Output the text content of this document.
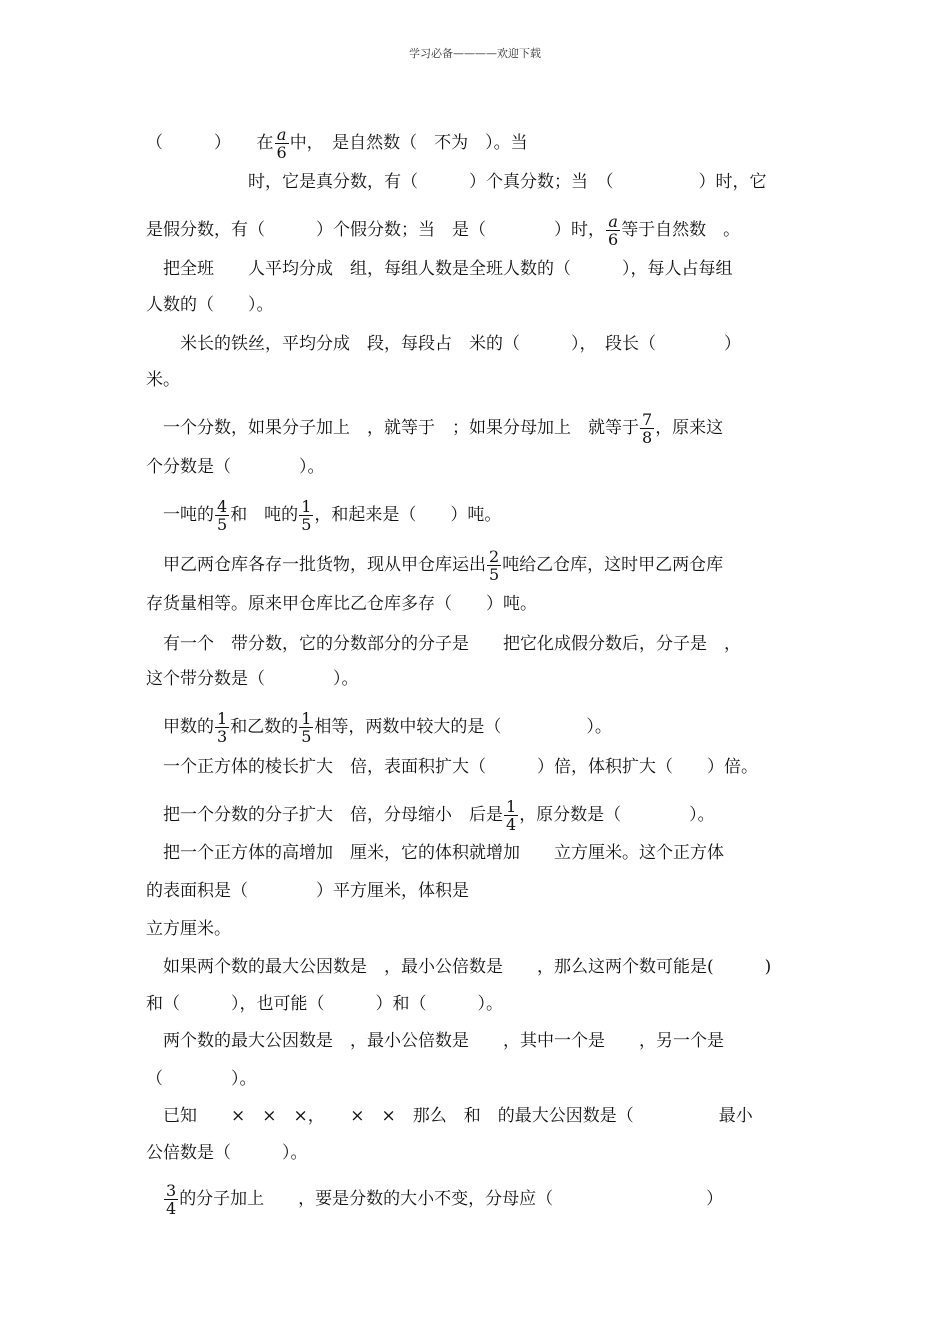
学习必备————欢迎下载
（　　　）　　在 $\frac{a}{6}$ 中，　是自然数（　不为　）。当
　　　　　　时，它是真分数，有（　　　）个真分数；当　（　　　　　）时，它
是假分数，有（　　　）个假分数；当　是（　　　　）时， $\frac{a}{6}$ 等于自然数　。
　把全班　　人平均分成　组，每组人数是全班人数的（　　　），每人占每组
人数的（　　）。
　　米长的铁丝，平均分成　段，每段占　米的（　　　），　段长（　　　　）
米。
　一个分数，如果分子加上　，就等于　；如果分母加上　就等于 $\frac{7}{8}$ ，原来这
个分数是（　　　　）。
　一吨的 $\frac{4}{5}$ 和　吨的 $\frac{1}{5}$ ，和起来是（　　）吨。
　甲乙两仓库各存一批货物，现从甲仓库运出 $\frac{2}{5}$ 吨给乙仓库，这时甲乙两仓库
存货量相等。原来甲仓库比乙仓库多存（　　）吨。
　有一个　带分数，它的分数部分的分子是　　把它化成假分数后，分子是　，
这个带分数是（　　　　）。
　甲数的 $\frac{1}{3}$ 和乙数的 $\frac{1}{5}$ 相等，两数中较大的是（　　　　　）。
　一个正方体的棱长扩大　倍，表面积扩大（　　　）倍，体积扩大（　　）倍。
　把一个分数的分子扩大　倍，分母缩小　后是 $\frac{1}{4}$ ，原分数是（　　　　）。
　把一个正方体的高增加　厘米，它的体积就增加　　立方厘米。这个正方体
的表面积是（　　　　）平方厘米，体积是
立方厘米。
　如果两个数的最大公因数是　，最小公倍数是　　，那么这两个数可能是(　　　)
和（　　　），也可能（　　　）和（　　　）。
　两个数的最大公因数是　，最小公倍数是　　，其中一个是　　，另一个是
（　　　　）。
　已知　　×　×　×，　　×　×　那么　和　的最大公因数是（　　　　　最小
公倍数是（　　　）。

$\frac{3}{4}$ 的分子加上　　，要是分数的大小不变，分母应（　　　　　　　　　）
